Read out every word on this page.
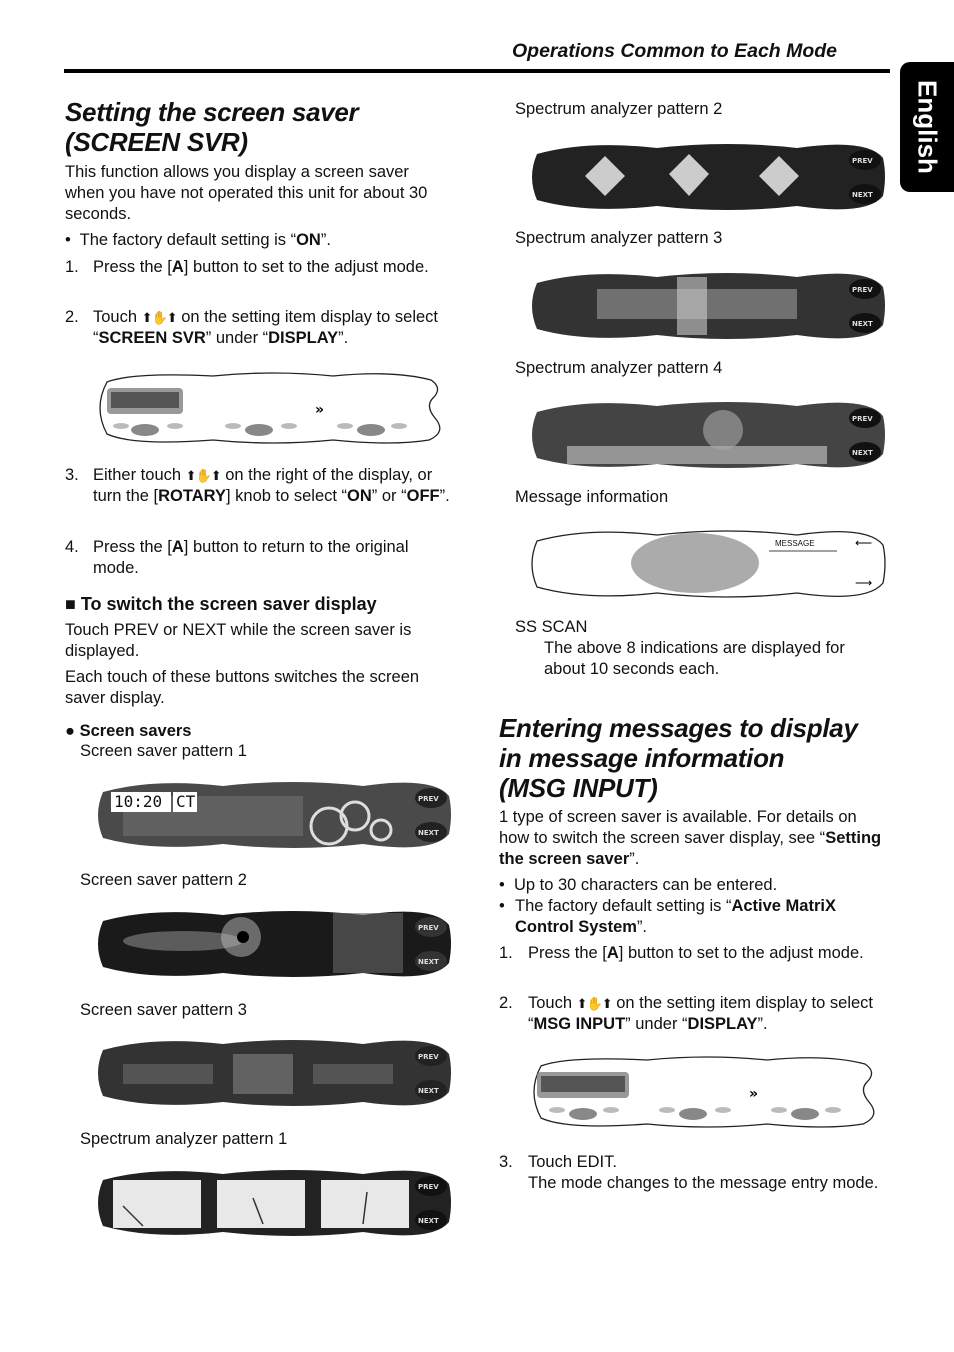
Operations Common to Each Mode
English
Setting the screen saver
(SCREEN SVR)
This function allows you display a screen saver when you have not operated this unit for about 30 seconds.
•  The factory default setting is “ON”.
1. Press the [A] button to set to the adjust mode.
2. Touch ⬆✋⬆ on the setting item display to select “SCREEN SVR” under “DISPLAY”.
»
3. Either touch ⬆✋⬆ on the right of the display, or turn the [ROTARY] knob to select “ON” or “OFF”.
4. Press the [A] button to return to the original mode.
■ To switch the screen saver display
Touch PREV or NEXT while the screen saver is displayed.
Each touch of these buttons switches the screen saver display.
● Screen savers
Screen saver pattern 1
Screen saver pattern 2
Screen saver pattern 3
Spectrum analyzer pattern 1
PREV
NEXT
10:20 CT
PREV
NEXT
PREV
NEXT
PREV
NEXT
Spectrum analyzer pattern 2
Spectrum analyzer pattern 3
Spectrum analyzer pattern 4
Message information
PREV
NEXT
PREV
NEXT
PREV
NEXT
⟵
⟶
MESSAGE
SS SCAN
The above 8 indications are displayed for about 10 seconds each.
Entering messages to display
in message information
(MSG INPUT)
1 type of screen saver is available. For details on how to switch the screen saver display, see “Setting the screen saver”.
•  Up to 30 characters can be entered.
• The factory default setting is “Active MatriX Control System”.
1. Press the [A] button to set to the adjust mode.
2. Touch ⬆✋⬆ on the setting item display to select “MSG INPUT” under “DISPLAY”.
»
3. Touch EDIT.
The mode changes to the message entry mode.
